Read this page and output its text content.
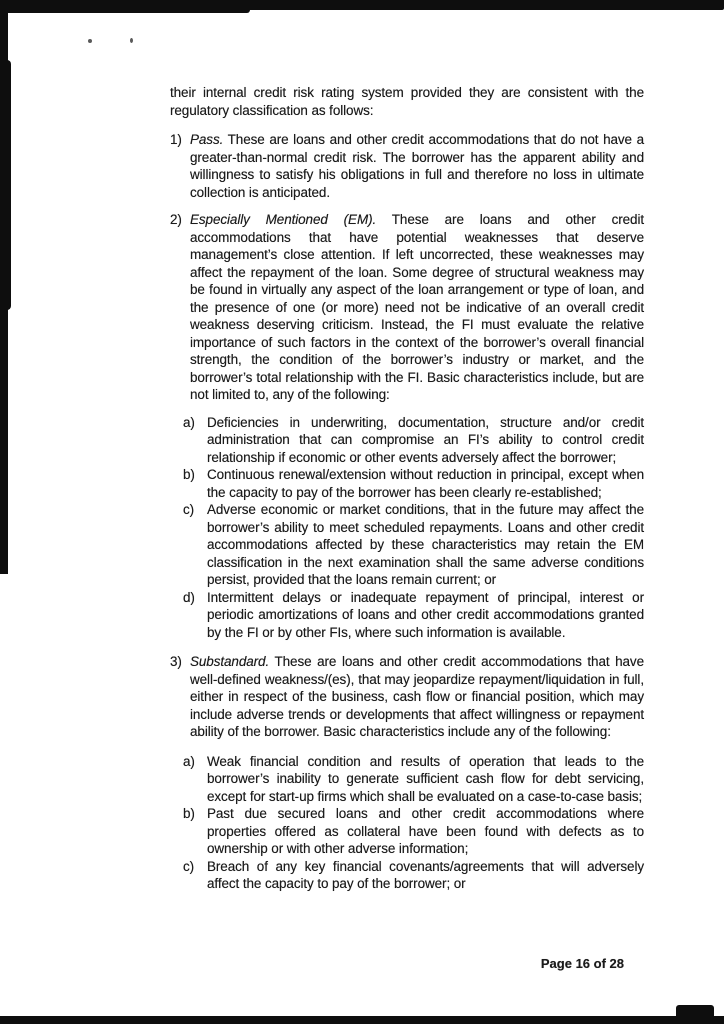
their internal credit risk rating system provided they are consistent with the regulatory classification as follows:

1) Pass. These are loans and other credit accommodations that do not have a greater-than-normal credit risk. The borrower has the apparent ability and willingness to satisfy his obligations in full and therefore no loss in ultimate collection is anticipated.
2) Especially Mentioned (EM). These are loans and other credit accommodations that have potential weaknesses that deserve management’s close attention. If left uncorrected, these weaknesses may affect the repayment of the loan. Some degree of structural weakness may be found in virtually any aspect of the loan arrangement or type of loan, and the presence of one (or more) need not be indicative of an overall credit weakness deserving criticism. Instead, the FI must evaluate the relative importance of such factors in the context of the borrower’s overall financial strength, the condition of the borrower’s industry or market, and the borrower’s total relationship with the FI. Basic characteristics include, but are not limited to, any of the following:
a) Deficiencies in underwriting, documentation, structure and/or credit administration that can compromise an FI’s ability to control credit relationship if economic or other events adversely affect the borrower;
b) Continuous renewal/extension without reduction in principal, except when the capacity to pay of the borrower has been clearly re-established;
c) Adverse economic or market conditions, that in the future may affect the borrower’s ability to meet scheduled repayments. Loans and other credit accommodations affected by these characteristics may retain the EM classification in the next examination shall the same adverse conditions persist, provided that the loans remain current; or
d) Intermittent delays or inadequate repayment of principal, interest or periodic amortizations of loans and other credit accommodations granted by the FI or by other FIs, where such information is available.
3) Substandard. These are loans and other credit accommodations that have well-defined weakness/(es), that may jeopardize repayment/liquidation in full, either in respect of the business, cash flow or financial position, which may include adverse trends or developments that affect willingness or repayment ability of the borrower. Basic characteristics include any of the following:
a) Weak financial condition and results of operation that leads to the borrower’s inability to generate sufficient cash flow for debt servicing, except for start-up firms which shall be evaluated on a case-to-case basis;
b) Past due secured loans and other credit accommodations where properties offered as collateral have been found with defects as to ownership or with other adverse information;
c) Breach of any key financial covenants/agreements that will adversely affect the capacity to pay of the borrower; or
Page 16 of 28
